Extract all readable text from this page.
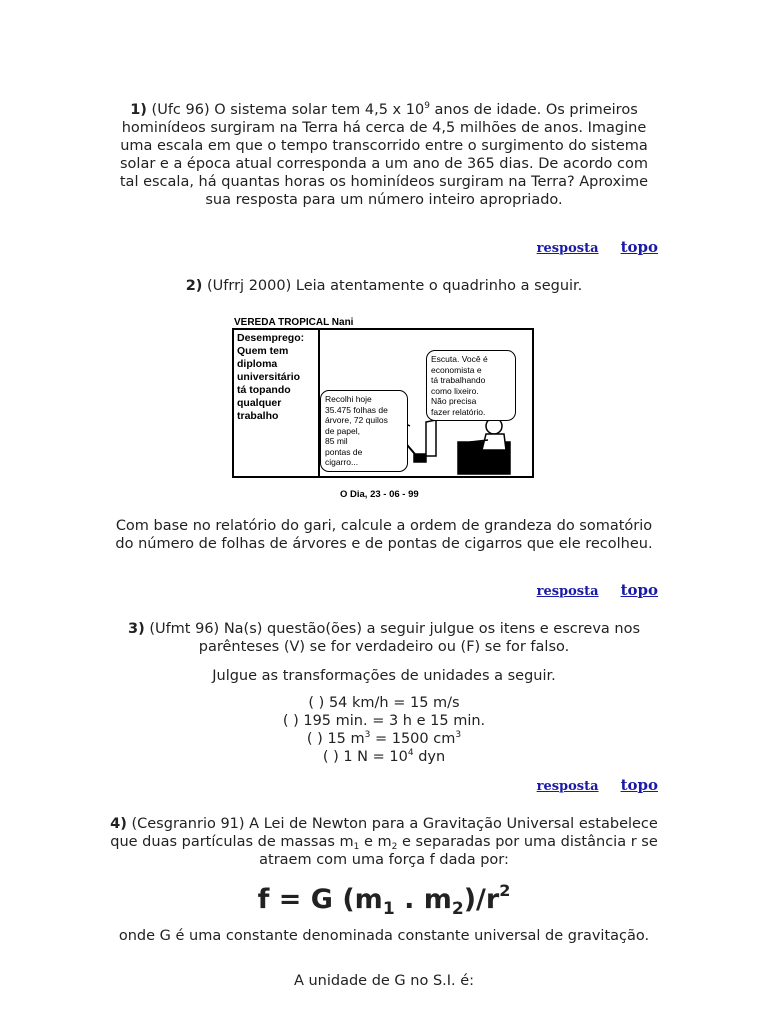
1) (Ufc 96) O sistema solar tem 4,5 x $10^9$ anos de idade. Os primeiros hominídeos surgiram na Terra há cerca de 4,5 milhões de anos. Imagine uma escala em que o tempo transcorrido entre o surgimento do sistema solar e a época atual corresponda a um ano de 365 dias. De acordo com tal escala, há quantas horas os hominídeos surgiram na Terra? Aproxime sua resposta para um número inteiro apropriado.
resposta topo
2) (Ufrrj 2000) Leia atentamente o quadrinho a seguir.
VEREDA TROPICAL Nani
Desemprego:
Quem tem
diploma
universitário
tá topando
qualquer
trabalho
Recolhi hoje
35.475 folhas de
árvore, 72 quilos
de papel,
85 mil
pontas de
cigarro...
Escuta. Você é
economista e
tá trabalhando
como lixeiro.
Não precisa
fazer relatório.
O Dia, 23 - 06 - 99
Com base no relatório do gari, calcule a ordem de grandeza do somatório do número de folhas de árvores e de pontas de cigarros que ele recolheu.
resposta topo
3) (Ufmt 96) Na(s) questão(ões) a seguir julgue os itens e escreva nos parênteses (V) se for verdadeiro ou (F) se for falso.
Julgue as transformações de unidades a seguir.
( ) 54 km/h = 15 m/s
( ) 195 min. = 3 h e 15 min.
( ) 15 $m^3 = 1500$ $cm^3$
( ) 1 $N = 10^4$ dyn
resposta topo
4) (Cesgranrio 91) A Lei de Newton para a Gravitação Universal estabelece que duas partículas de massas $m_1$ e $m_2$ e separadas por uma distância r se atraem com uma força f dada por:
f = G ($m_1$ . $m_2)/r^2$
onde G é uma constante denominada constante universal de gravitação.
A unidade de G no S.I. é:
